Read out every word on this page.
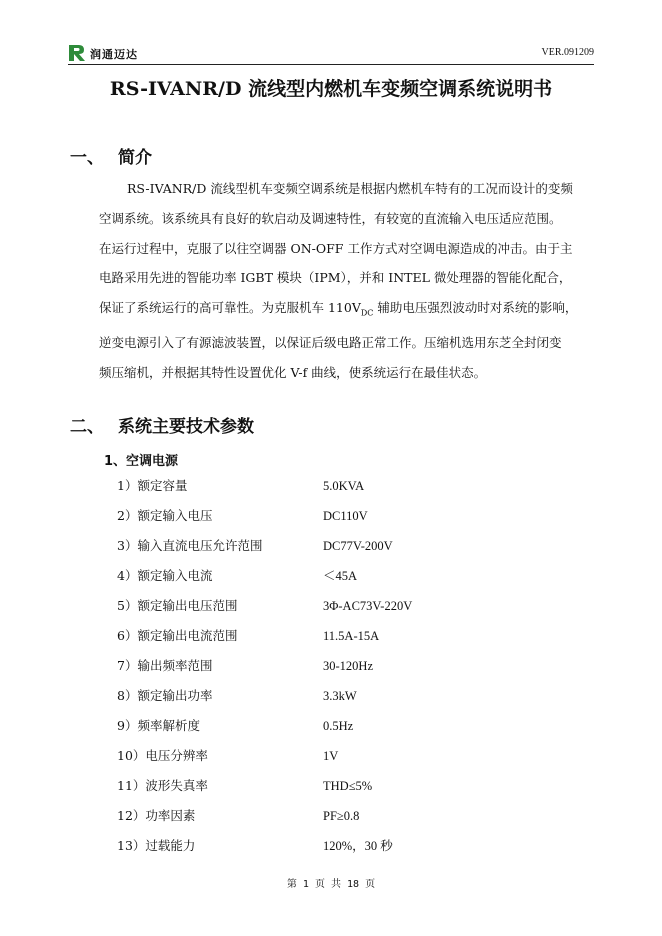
润通迈达	VER.091209
RS-IVANR/D 流线型内燃机车变频空调系统说明书
一、 简介
RS-IVANR/D 流线型机车变频空调系统是根据内燃机车特有的工况而设计的变频
空调系统。该系统具有良好的软启动及调速特性，有较宽的直流输入电压适应范围。
在运行过程中，克服了以往空调器 ON-OFF 工作方式对空调电源造成的冲击。由于主
电路采用先进的智能功率 IGBT 模块（IPM），并和 INTEL 微处理器的智能化配合，
保证了系统运行的高可靠性。为克服机车 $110V_{DC}$ 辅助电压强烈波动时对系统的影响，
逆变电源引入了有源滤波装置，以保证后级电路正常工作。压缩机选用东芝全封闭变
频压缩机，并根据其特性设置优化 V-f 曲线，使系统运行在最佳状态。
二、 系统主要技术参数
1、空调电源
1）额定容量	5.0KVA
2）额定输入电压	DC110V
3）输入直流电压允许范围	DC77V-200V
4）额定输入电流	＜45A
5）额定输出电压范围	3Φ-AC73V-220V
6）额定输出电流范围	11.5A-15A
7）输出频率范围	30-120Hz
8）额定输出功率	3.3kW
9）频率解析度	0.5Hz
10）电压分辨率	1V
11）波形失真率	THD≤5%
12）功率因素	PF≥0.8
13）过载能力	120%，30 秒
第 1 页 共 18 页
